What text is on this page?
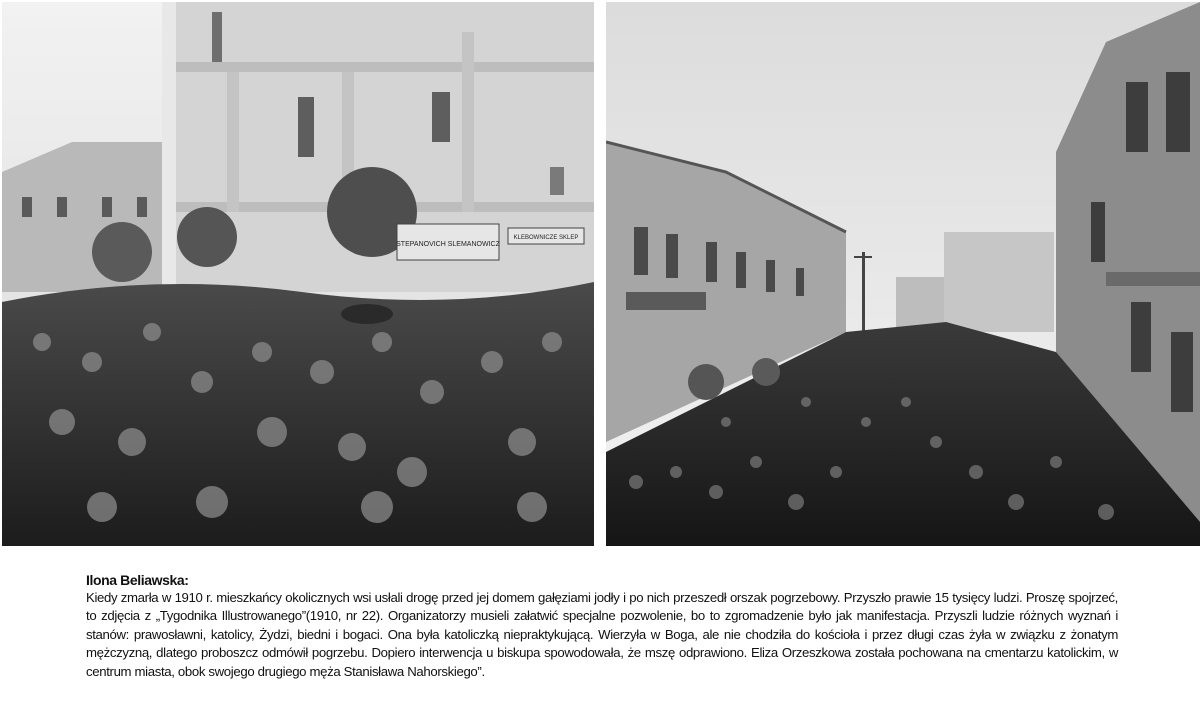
STEPANOVICH SLEMANOWICZ
KLEBOWNICZE SKLEP

Ilona Beliawska:

Kiedy zmarła w 1910 r. mieszkańcy okolicznych wsi usłali drogę przed jej domem gałęziami jodły i po nich przeszedł orszak pogrzebowy. Przyszło prawie 15 tysięcy ludzi. Proszę spojrzeć, to zdjęcia z „Tygodnika Illustrowanego”(1910, nr 22). Organizatorzy musieli załatwić specjalne pozwolenie, bo to zgromadzenie było jak manifestacja. Przyszli ludzie różnych wyznań i stanów: prawosławni, katolicy, Żydzi, biedni i bogaci. Ona była katoliczką niepraktykującą. Wierzyła w Boga, ale nie chodziła do kościoła i przez długi czas żyła w związku z żonatym mężczyzną, dlatego proboszcz odmówił pogrzebu. Dopiero interwencja u biskupa spowodowała, że mszę odprawiono. Eliza Orzeszkowa została pochowana na cmentarzu katolickim, w centrum miasta, obok swojego drugiego męża Stanisława Nahorskiego”.
